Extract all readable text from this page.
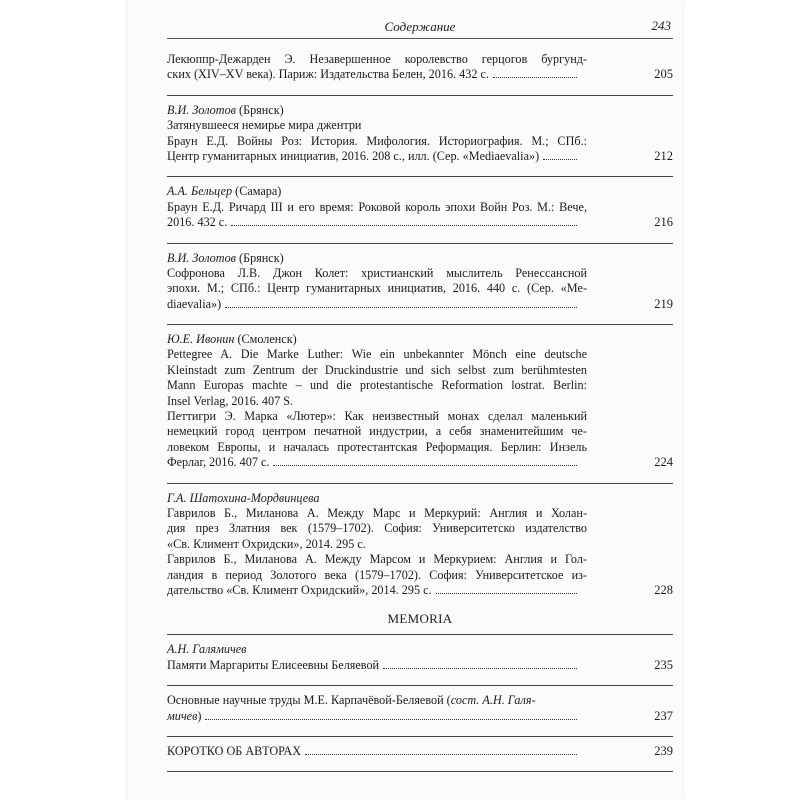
Содержание	243
Лекюппр-Дежарден Э. Незавершенное королевство герцогов бургунд-
ских (XIV–XV века). Париж: Издательства Белен, 2016. 432 с.	205
В.И. Золотов (Брянск)
Затянувшееся немирье мира джентри
Браун Е.Д. Войны Роз: История. Мифология. Историография. М.; СПб.:
Центр гуманитарных инициатив, 2016. 208 с., илл. (Сер. «Mediaevalia»)	212
А.А. Бельцер (Самара)
Браун Е.Д. Ричард III и его время: Роковой король эпохи Войн Роз. М.: Вече,
2016. 432 с.	216
В.И. Золотов (Брянск)
Софронова Л.В. Джон Колет: христианский мыслитель Ренессансной
эпохи. М.; СПб.: Центр гуманитарных инициатив, 2016. 440 с. (Сер. «Me-
diaevalia»)	219
Ю.Е. Ивонин (Смоленск)
Pettegree A. Die Marke Luther: Wie ein unbekannter Mönch eine deutsche
Kleinstadt zum Zentrum der Druckindustrie und sich selbst zum berühmtesten
Mann Europas machte – und die protestantische Reformation lostrat. Berlin:
Insel Verlag, 2016. 407 S.
Петтигри Э. Марка «Лютер»: Как неизвестный монах сделал маленький
немецкий город центром печатной индустрии, а себя знаменитейшим че-
ловеком Европы, и началась протестантская Реформация. Берлин: Инзель
Ферлаг, 2016. 407 с.	224
Г.А. Шатохина-Мордвинцева
Гаврилов Б., Миланова А. Между Марс и Меркурий: Англия и Холан-
дия през Златния век (1579–1702). София: Университетско издателство
«Св. Климент Охридски», 2014. 295 с.
Гаврилов Б., Миланова А. Между Марсом и Меркурием: Англия и Гол-
ландия в период Золотого века (1579–1702). София: Университетское из-
дательство «Св. Климент Охридский», 2014. 295 с.	228
MEMORIA
А.Н. Галямичев
Памяти Маргариты Елисеевны Беляевой	235
Основные научные труды М.Е. Карпачёвой-Беляевой (сост. А.Н. Галя-
мичев)	237
КОРОТКО ОБ АВТОРАХ	239
